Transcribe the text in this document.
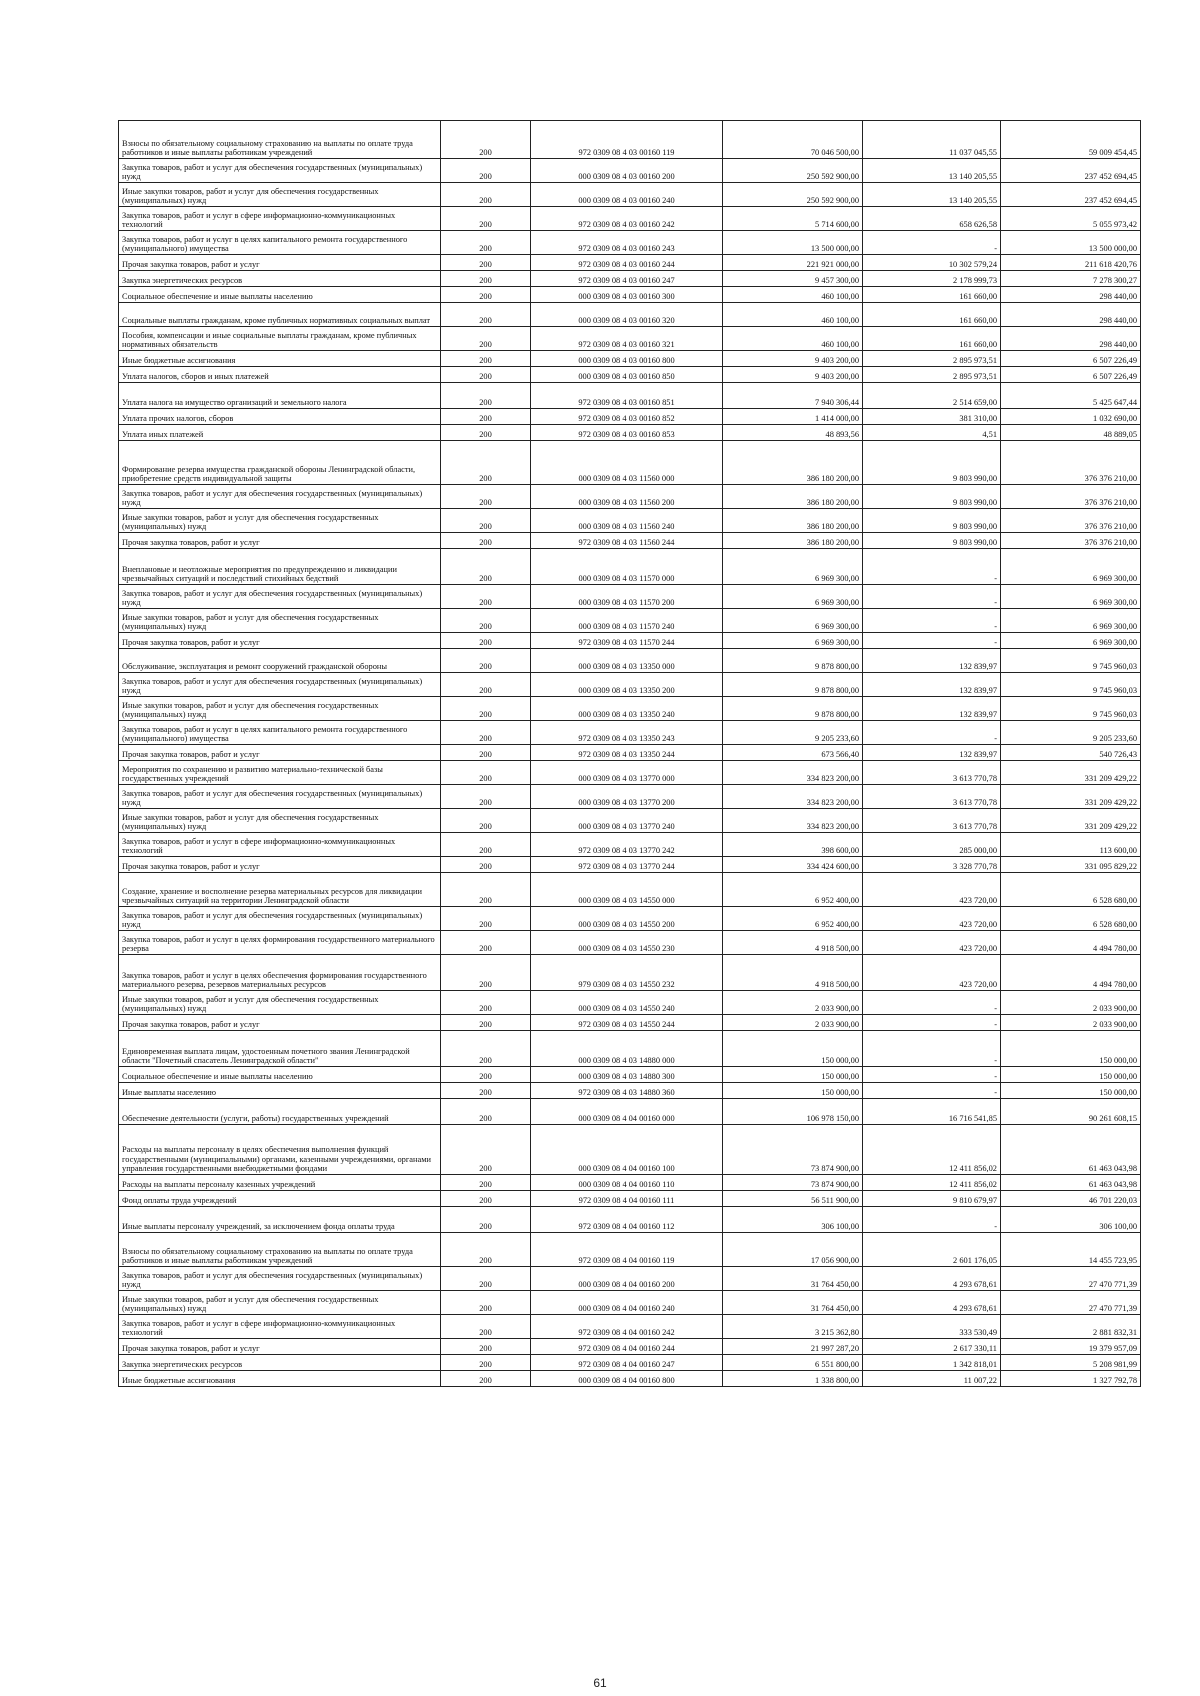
Взносы по обязательному социальному страхованию на выплаты по оплате труда работников и иные выплаты работникам учреждений	200	972 0309 08 4 03 00160 119	70 046 500,00	11 037 045,55	59 009 454,45
Закупка товаров, работ и услуг для обеспечения государственных (муниципальных) нужд	200	000 0309 08 4 03 00160 200	250 592 900,00	13 140 205,55	237 452 694,45
Иные закупки товаров, работ и услуг для обеспечения государственных (муниципальных) нужд	200	000 0309 08 4 03 00160 240	250 592 900,00	13 140 205,55	237 452 694,45
Закупка товаров, работ и услуг в сфере информационно-коммуникационных технологий	200	972 0309 08 4 03 00160 242	5 714 600,00	658 626,58	5 055 973,42
Закупка товаров, работ и услуг в целях капитального ремонта государственного (муниципального) имущества	200	972 0309 08 4 03 00160 243	13 500 000,00	-	13 500 000,00
Прочая закупка товаров, работ и услуг	200	972 0309 08 4 03 00160 244	221 921 000,00	10 302 579,24	211 618 420,76
Закупка энергетических ресурсов	200	972 0309 08 4 03 00160 247	9 457 300,00	2 178 999,73	7 278 300,27
Социальное обеспечение и иные выплаты населению	200	000 0309 08 4 03 00160 300	460 100,00	161 660,00	298 440,00
Социальные выплаты гражданам, кроме публичных нормативных социальных выплат	200	000 0309 08 4 03 00160 320	460 100,00	161 660,00	298 440,00
Пособия, компенсации и иные социальные выплаты гражданам, кроме публичных нормативных обязательств	200	972 0309 08 4 03 00160 321	460 100,00	161 660,00	298 440,00
Иные бюджетные ассигнования	200	000 0309 08 4 03 00160 800	9 403 200,00	2 895 973,51	6 507 226,49
Уплата налогов, сборов и иных платежей	200	000 0309 08 4 03 00160 850	9 403 200,00	2 895 973,51	6 507 226,49
Уплата налога на имущество организаций и земельного налога	200	972 0309 08 4 03 00160 851	7 940 306,44	2 514 659,00	5 425 647,44
Уплата прочих налогов, сборов	200	972 0309 08 4 03 00160 852	1 414 000,00	381 310,00	1 032 690,00
Уплата иных платежей	200	972 0309 08 4 03 00160 853	48 893,56	4,51	48 889,05
Формирование резерва имущества гражданской обороны Ленинградской области, приобретение средств индивидуальной защиты	200	000 0309 08 4 03 11560 000	386 180 200,00	9 803 990,00	376 376 210,00
Закупка товаров, работ и услуг для обеспечения государственных (муниципальных) нужд	200	000 0309 08 4 03 11560 200	386 180 200,00	9 803 990,00	376 376 210,00
Иные закупки товаров, работ и услуг для обеспечения государственных (муниципальных) нужд	200	000 0309 08 4 03 11560 240	386 180 200,00	9 803 990,00	376 376 210,00
Прочая закупка товаров, работ и услуг	200	972 0309 08 4 03 11560 244	386 180 200,00	9 803 990,00	376 376 210,00
Внеплановые и неотложные мероприятия по предупреждению и ликвидации чрезвычайных ситуаций и последствий стихийных бедствий	200	000 0309 08 4 03 11570 000	6 969 300,00	-	6 969 300,00
Закупка товаров, работ и услуг для обеспечения государственных (муниципальных) нужд	200	000 0309 08 4 03 11570 200	6 969 300,00	-	6 969 300,00
Иные закупки товаров, работ и услуг для обеспечения государственных (муниципальных) нужд	200	000 0309 08 4 03 11570 240	6 969 300,00	-	6 969 300,00
Прочая закупка товаров, работ и услуг	200	972 0309 08 4 03 11570 244	6 969 300,00	-	6 969 300,00
Обслуживание, эксплуатация и ремонт сооружений гражданской обороны	200	000 0309 08 4 03 13350 000	9 878 800,00	132 839,97	9 745 960,03
Закупка товаров, работ и услуг для обеспечения государственных (муниципальных) нужд	200	000 0309 08 4 03 13350 200	9 878 800,00	132 839,97	9 745 960,03
Иные закупки товаров, работ и услуг для обеспечения государственных (муниципальных) нужд	200	000 0309 08 4 03 13350 240	9 878 800,00	132 839,97	9 745 960,03
Закупка товаров, работ и услуг в целях капитального ремонта государственного (муниципального) имущества	200	972 0309 08 4 03 13350 243	9 205 233,60	-	9 205 233,60
Прочая закупка товаров, работ и услуг	200	972 0309 08 4 03 13350 244	673 566,40	132 839,97	540 726,43
Мероприятия по сохранению и развитию материально-технической базы государственных учреждений	200	000 0309 08 4 03 13770 000	334 823 200,00	3 613 770,78	331 209 429,22
Закупка товаров, работ и услуг для обеспечения государственных (муниципальных) нужд	200	000 0309 08 4 03 13770 200	334 823 200,00	3 613 770,78	331 209 429,22
Иные закупки товаров, работ и услуг для обеспечения государственных (муниципальных) нужд	200	000 0309 08 4 03 13770 240	334 823 200,00	3 613 770,78	331 209 429,22
Закупка товаров, работ и услуг в сфере информационно-коммуникационных технологий	200	972 0309 08 4 03 13770 242	398 600,00	285 000,00	113 600,00
Прочая закупка товаров, работ и услуг	200	972 0309 08 4 03 13770 244	334 424 600,00	3 328 770,78	331 095 829,22
Создание, хранение и восполнение резерва материальных ресурсов для ликвидации чрезвычайных ситуаций на территории Ленинградской области	200	000 0309 08 4 03 14550 000	6 952 400,00	423 720,00	6 528 680,00
Закупка товаров, работ и услуг для обеспечения государственных (муниципальных) нужд	200	000 0309 08 4 03 14550 200	6 952 400,00	423 720,00	6 528 680,00
Закупка товаров, работ и услуг в целях формирования государственного материального резерва	200	000 0309 08 4 03 14550 230	4 918 500,00	423 720,00	4 494 780,00
Закупка товаров, работ и услуг в целях обеспечения формирования государственного материального резерва, резервов материальных ресурсов	200	979 0309 08 4 03 14550 232	4 918 500,00	423 720,00	4 494 780,00
Иные закупки товаров, работ и услуг для обеспечения государственных (муниципальных) нужд	200	000 0309 08 4 03 14550 240	2 033 900,00	-	2 033 900,00
Прочая закупка товаров, работ и услуг	200	972 0309 08 4 03 14550 244	2 033 900,00	-	2 033 900,00
Единовременная выплата лицам, удостоенным почетного звания Ленинградской области "Почетный спасатель Ленинградской области"	200	000 0309 08 4 03 14880 000	150 000,00	-	150 000,00
Социальное обеспечение и иные выплаты населению	200	000 0309 08 4 03 14880 300	150 000,00	-	150 000,00
Иные выплаты населению	200	972 0309 08 4 03 14880 360	150 000,00	-	150 000,00
Обеспечение деятельности (услуги, работы) государственных учреждений	200	000 0309 08 4 04 00160 000	106 978 150,00	16 716 541,85	90 261 608,15
Расходы на выплаты персоналу в целях обеспечения выполнения функций государственными (муниципальными) органами, казенными учреждениями, органами управления государственными внебюджетными фондами	200	000 0309 08 4 04 00160 100	73 874 900,00	12 411 856,02	61 463 043,98
Расходы на выплаты персоналу казенных учреждений	200	000 0309 08 4 04 00160 110	73 874 900,00	12 411 856,02	61 463 043,98
Фонд оплаты труда учреждений	200	972 0309 08 4 04 00160 111	56 511 900,00	9 810 679,97	46 701 220,03
Иные выплаты персоналу учреждений, за исключением фонда оплаты труда	200	972 0309 08 4 04 00160 112	306 100,00	-	306 100,00
Взносы по обязательному социальному страхованию на выплаты по оплате труда работников и иные выплаты работникам учреждений	200	972 0309 08 4 04 00160 119	17 056 900,00	2 601 176,05	14 455 723,95
Закупка товаров, работ и услуг для обеспечения государственных (муниципальных) нужд	200	000 0309 08 4 04 00160 200	31 764 450,00	4 293 678,61	27 470 771,39
Иные закупки товаров, работ и услуг для обеспечения государственных (муниципальных) нужд	200	000 0309 08 4 04 00160 240	31 764 450,00	4 293 678,61	27 470 771,39
Закупка товаров, работ и услуг в сфере информационно-коммуникационных технологий	200	972 0309 08 4 04 00160 242	3 215 362,80	333 530,49	2 881 832,31
Прочая закупка товаров, работ и услуг	200	972 0309 08 4 04 00160 244	21 997 287,20	2 617 330,11	19 379 957,09
Закупка энергетических ресурсов	200	972 0309 08 4 04 00160 247	6 551 800,00	1 342 818,01	5 208 981,99
Иные бюджетные ассигнования	200	000 0309 08 4 04 00160 800	1 338 800,00	11 007,22	1 327 792,78
61
